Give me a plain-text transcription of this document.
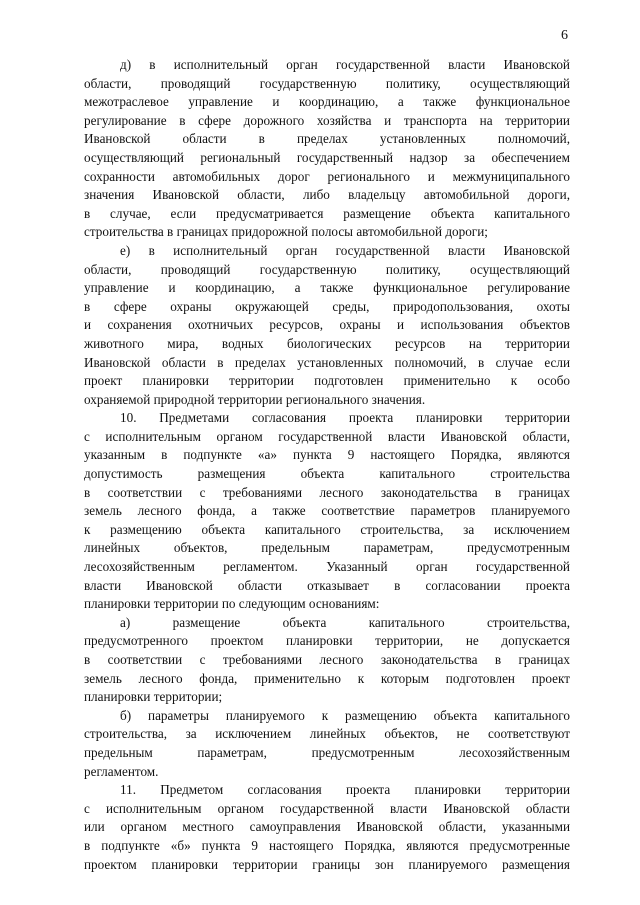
6
д) в исполнительный орган государственной власти Ивановской
области, проводящий государственную политику, осуществляющий
межотраслевое управление и координацию, а также функциональное
регулирование в сфере дорожного хозяйства и транспорта на территории
Ивановской области в пределах установленных полномочий,
осуществляющий региональный государственный надзор за обеспечением
сохранности автомобильных дорог регионального и межмуниципального
значения Ивановской области, либо владельцу автомобильной дороги,
в случае, если предусматривается размещение объекта капитального
строительства в границах придорожной полосы автомобильной дороги;
е) в исполнительный орган государственной власти Ивановской
области, проводящий государственную политику, осуществляющий
управление и координацию, а также функциональное регулирование
в сфере охраны окружающей среды, природопользования, охоты
и сохранения охотничьих ресурсов, охраны и использования объектов
животного мира, водных биологических ресурсов на территории
Ивановской области в пределах установленных полномочий, в случае если
проект планировки территории подготовлен применительно к особо
охраняемой природной территории регионального значения.
10. Предметами согласования проекта планировки территории
с исполнительным органом государственной власти Ивановской области,
указанным в подпункте «а» пункта 9 настоящего Порядка, являются
допустимость размещения объекта капитального строительства
в соответствии с требованиями лесного законодательства в границах
земель лесного фонда, а также соответствие параметров планируемого
к размещению объекта капитального строительства, за исключением
линейных объектов, предельным параметрам, предусмотренным
лесохозяйственным регламентом. Указанный орган государственной
власти Ивановской области отказывает в согласовании проекта
планировки территории по следующим основаниям:
а) размещение объекта капитального строительства,
предусмотренного проектом планировки территории, не допускается
в соответствии с требованиями лесного законодательства в границах
земель лесного фонда, применительно к которым подготовлен проект
планировки территории;
б) параметры планируемого к размещению объекта капитального
строительства, за исключением линейных объектов, не соответствуют
предельным параметрам, предусмотренным лесохозяйственным
регламентом.
11. Предметом согласования проекта планировки территории
с исполнительным органом государственной власти Ивановской области
или органом местного самоуправления Ивановской области, указанными
в подпункте «б» пункта 9 настоящего Порядка, являются предусмотренные
проектом планировки территории границы зон планируемого размещения
